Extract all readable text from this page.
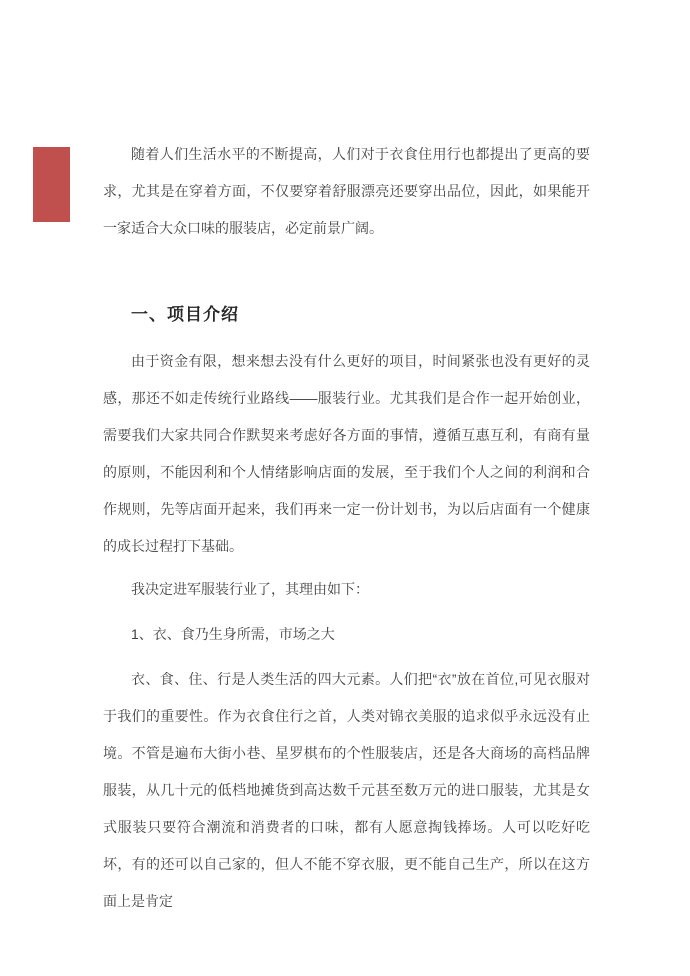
随着人们生活水平的不断提高，人们对于衣食住用行也都提出了更高的要求，尤其是在穿着方面，不仅要穿着舒服漂亮还要穿出品位，因此，如果能开一家适合大众口味的服装店，必定前景广阔。

一、项目介绍

由于资金有限，想来想去没有什么更好的项目，时间紧张也没有更好的灵感，那还不如走传统行业路线——服装行业。尤其我们是合作一起开始创业，需要我们大家共同合作默契来考虑好各方面的事情，遵循互惠互利，有商有量的原则，不能因利和个人情绪影响店面的发展，至于我们个人之间的利润和合作规则，先等店面开起来，我们再来一定一份计划书，为以后店面有一个健康的成长过程打下基础。

我决定进军服装行业了，其理由如下：

1、衣、食乃生身所需，市场之大

衣、食、住、行是人类生活的四大元素。人们把“衣”放在首位,可见衣服对于我们的重要性。作为衣食住行之首，人类对锦衣美服的追求似乎永远没有止境。不管是遍布大街小巷、星罗棋布的个性服装店，还是各大商场的高档品牌服装，从几十元的低档地摊货到高达数千元甚至数万元的进口服装，尤其是女式服装只要符合潮流和消费者的口味，都有人愿意掏钱捧场。人可以吃好吃坏，有的还可以自己家的，但人不能不穿衣服，更不能自己生产，所以在这方面上是肯定
